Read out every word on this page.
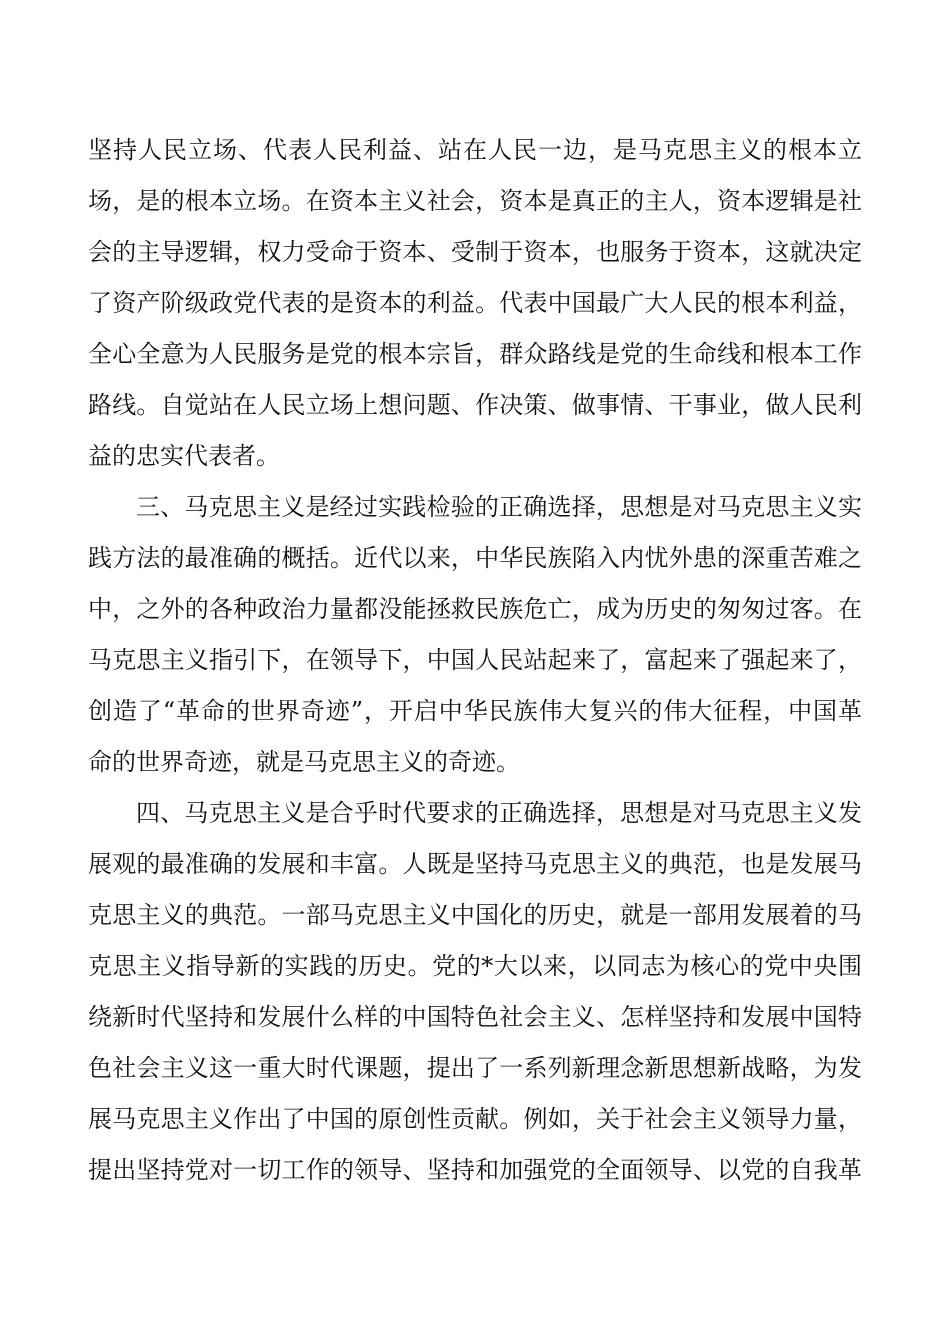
坚持人民立场、代表人民利益、站在人民一边，是马克思主义的根本立
场，是的根本立场。在资本主义社会，资本是真正的主人，资本逻辑是社
会的主导逻辑，权力受命于资本、受制于资本，也服务于资本，这就决定
了资产阶级政党代表的是资本的利益。代表中国最广大人民的根本利益，
全心全意为人民服务是党的根本宗旨，群众路线是党的生命线和根本工作
路线。自觉站在人民立场上想问题、作决策、做事情、干事业，做人民利
益的忠实代表者。
三、马克思主义是经过实践检验的正确选择，思想是对马克思主义实
践方法的最准确的概括。近代以来，中华民族陷入内忧外患的深重苦难之
中，之外的各种政治力量都没能拯救民族危亡，成为历史的匆匆过客。在
马克思主义指引下，在领导下，中国人民站起来了，富起来了强起来了，
创造了“革命的世界奇迹”，开启中华民族伟大复兴的伟大征程，中国革
命的世界奇迹，就是马克思主义的奇迹。
四、马克思主义是合乎时代要求的正确选择，思想是对马克思主义发
展观的最准确的发展和丰富。人既是坚持马克思主义的典范，也是发展马
克思主义的典范。一部马克思主义中国化的历史，就是一部用发展着的马
克思主义指导新的实践的历史。党的*大以来，以同志为核心的党中央围
绕新时代坚持和发展什么样的中国特色社会主义、怎样坚持和发展中国特
色社会主义这一重大时代课题，提出了一系列新理念新思想新战略，为发
展马克思主义作出了中国的原创性贡献。例如，关于社会主义领导力量，
提出坚持党对一切工作的领导、坚持和加强党的全面领导、以党的自我革
